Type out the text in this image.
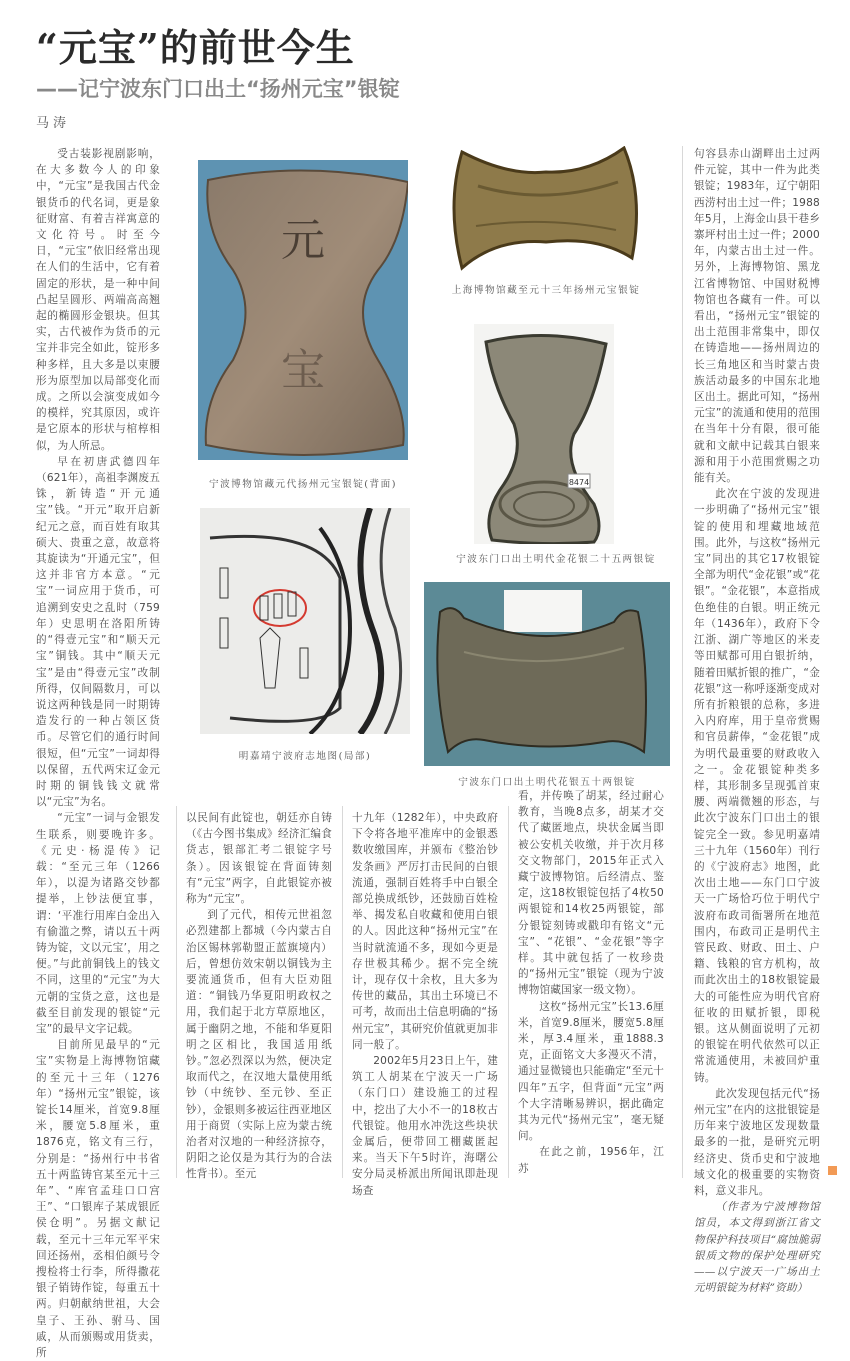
“元宝”的前世今生
——记宁波东门口出土“扬州元宝”银锭
马涛

受古装影视剧影响，在大多数今人的印象中，“元宝”是我国古代金银货币的代名词，更是象征财富、有着吉祥寓意的文化符号。时至今日，“元宝”依旧经常出现在人们的生活中，它有着固定的形状，是一种中间凸起呈圆形、两端高高翘起的椭圆形金银块。但其实，古代被作为货币的元宝并非完全如此，锭形多种多样，且大多是以束腰形为原型加以局部变化而成。之所以会演变成如今的模样，究其原因，或许是它原本的形状与棺椁相似，为人所忌。

早在初唐武德四年（621年），高祖李渊废五铢，新铸造“开元通宝”钱。“开元”取开启新纪元之意，而百姓有取其硕大、贵重之意，故意将其旋读为“开通元宝”，但这并非官方本意。“元宝”一词应用于货币，可追溯到安史之乱时（759年）史思明在洛阳所铸的“得壹元宝”和“顺天元宝”铜钱。其中“顺天元宝”是由“得壹元宝”改制所得，仅间隔数月，可以说这两种钱是同一时期铸造发行的一种占领区货币。尽管它们的通行时间很短，但“元宝”一词却得以保留，五代两宋辽金元时期的铜钱钱文就常以“元宝”为名。

“元宝”一词与金银发生联系，则要晚许多。《元史·杨湜传》记载：“至元三年（1266年），以湜为诸路交钞都提举，上钞法便宜事，谓：‘平准行用库白金出入有偷滥之弊，请以五十两铸为锭，文以元宝’，用之便。”与此前铜钱上的钱文不同，这里的“元宝”为大元朝的宝货之意，这也是截至目前发现的银锭“元宝”的最早文字记载。

目前所见最早的“元宝”实物是上海博物馆藏的至元十三年（1276年）“扬州元宝”银锭，该锭长14厘米，首宽9.8厘米，腰宽5.8厘米，重1876克，铭文有三行，分别是：“扬州行中书省五十两监铸官某至元十三年”、“库官孟珪口口宫王”、“口银库子某成银匠侯仓明”。另据文献记载，至元十三年元军平宋回还扬州，丞相伯颜号令搜检将士行李，所得撒花银子销铸作锭，每重五十两。归朝献纳世祖，大会皇子、王孙、驸马、国戚，从而颁赐或用货卖，所

以民间有此锭也，朝廷亦自铸（《古今图书集成》经济汇编食货志，银部汇考二银锭字号条）。因该银锭在背面铸刻有“元宝”两字，自此银锭亦被称为“元宝”。

到了元代，相传元世祖忽必烈建都上都城（今内蒙古自治区锡林郭勒盟正蓝旗境内）后，曾想仿效宋朝以铜钱为主要流通货币，但有大臣劝阻道：“铜钱乃华夏阳明政权之用，我们起于北方草原地区，属于幽阴之地，不能和华夏阳明之区相比，我国适用纸钞。”忽必烈深以为然，便决定取而代之，在汉地大量使用纸钞（中统钞、至元钞、至正钞），金银则多被运往西亚地区用于商贸（实际上应为蒙古统治者对汉地的一种经济掠夺，阴阳之论仅是为其行为的合法性背书）。至元

十九年（1282年），中央政府下令将各地平准库中的金银悉数收缴国库，并颁布《整治钞发条画》严厉打击民间的白银流通，强制百姓将手中白银全部兑换成纸钞，还鼓励百姓检举、揭发私自收藏和使用白银的人。因此这种“扬州元宝”在当时就流通不多，现如今更是存世极其稀少。据不完全统计，现存仅十余枚，且大多为传世的藏品，其出土环境已不可考，故而出土信息明确的“扬州元宝”，其研究价值就更加非同一般了。

2002年5月23日上午，建筑工人胡某在宁波天一广场（东门口）建设施工的过程中，挖出了大小不一的18枚古代银锭。他用水冲洗这些块状金属后，便带回工棚藏匿起来。当天下午5时许，海曙公安分局灵桥派出所闻讯即赴现场查

看，并传唤了胡某，经过耐心教育，当晚8点多，胡某才交代了藏匿地点，块状金属当即被公安机关收缴，并于次月移交文物部门，2015年正式入藏宁波博物馆。后经清点、鉴定，这18枚银锭包括了4枚50两银锭和14枚25两银锭，部分银锭刻铸或戳印有铭文“元宝”、“花银”、“金花银”等字样。其中就包括了一枚珍贵的“扬州元宝”银锭（现为宁波博物馆藏国家一级文物）。

这枚“扬州元宝”长13.6厘米，首宽9.8厘米，腰宽5.8厘米，厚3.4厘米，重1888.3克，正面铭文大多漫灭不清，通过显微镜也只能确定“至元十四年”五字，但背面“元宝”两个大字清晰易辨识，据此确定其为元代“扬州元宝”，毫无疑问。

在此之前，1956年，江苏

句容县赤山湖畔出土过两件元锭，其中一件为此类银锭；1983年，辽宁朝阳西涝村出土过一件；1988年5月，上海金山县干巷乡寨坪村出土过一件；2000年，内蒙古出土过一件。另外，上海博物馆、黑龙江省博物馆、中国财税博物馆也各藏有一件。可以看出，“扬州元宝”银锭的出土范围非常集中，即仅在铸造地——扬州周边的长三角地区和当时蒙古贵族活动最多的中国东北地区出土。据此可知，“扬州元宝”的流通和使用的范围在当年十分有限，很可能就和文献中记载其白银来源和用于小范围赏赐之功能有关。

此次在宁波的发现进一步明确了“扬州元宝”银锭的使用和埋藏地域范围。此外，与这枚“扬州元宝”同出的其它17枚银锭全部为明代“金花银”或“花银”。“金花银”，本意指成色绝佳的白银。明正统元年（1436年），政府下令江浙、湖广等地区的米麦等田赋都可用白银折纳，随着田赋折银的推广，“金花银”这一称呼逐渐变成对所有折粮银的总称，多进入内府库，用于皇帝赏赐和官员薪俸，“金花银”成为明代最重要的财政收入之一。金花银锭种类多样，其形制多呈现弧首束腰、两端微翘的形态，与此次宁波东门口出土的银锭完全一致。参见明嘉靖三十九年（1560年）刊行的《宁波府志》地图，此次出土地——东门口宁波天一广场恰巧位于明代宁波府布政司衙署所在地范围内，布政司正是明代主管民政、财政、田土、户籍、钱粮的官方机构，故而此次出土的18枚银锭最大的可能性应为明代官府征收的田赋折银，即税银。这从侧面说明了元初的银锭在明代依然可以正常流通使用，未被回炉重铸。

此次发现包括元代“扬州元宝”在内的这批银锭是历年来宁波地区发现数量最多的一批，是研究元明经济史、货币史和宁波地域文化的极重要的实物资料，意义非凡。

（作者为宁波博物馆馆员，本文得到浙江省文物保护科技项目“腐蚀脆弱银质文物的保护处理研究——以宁波天一广场出土元明银锭为材料”资助）

元
宝
宁波博物馆藏元代扬州元宝银锭(背面)
上海博物馆藏至元十三年扬州元宝银锭
8474
宁波东门口出土明代金花银二十五两银锭
明嘉靖宁波府志地图(局部)
宁波东门口出土明代花银五十两银锭
